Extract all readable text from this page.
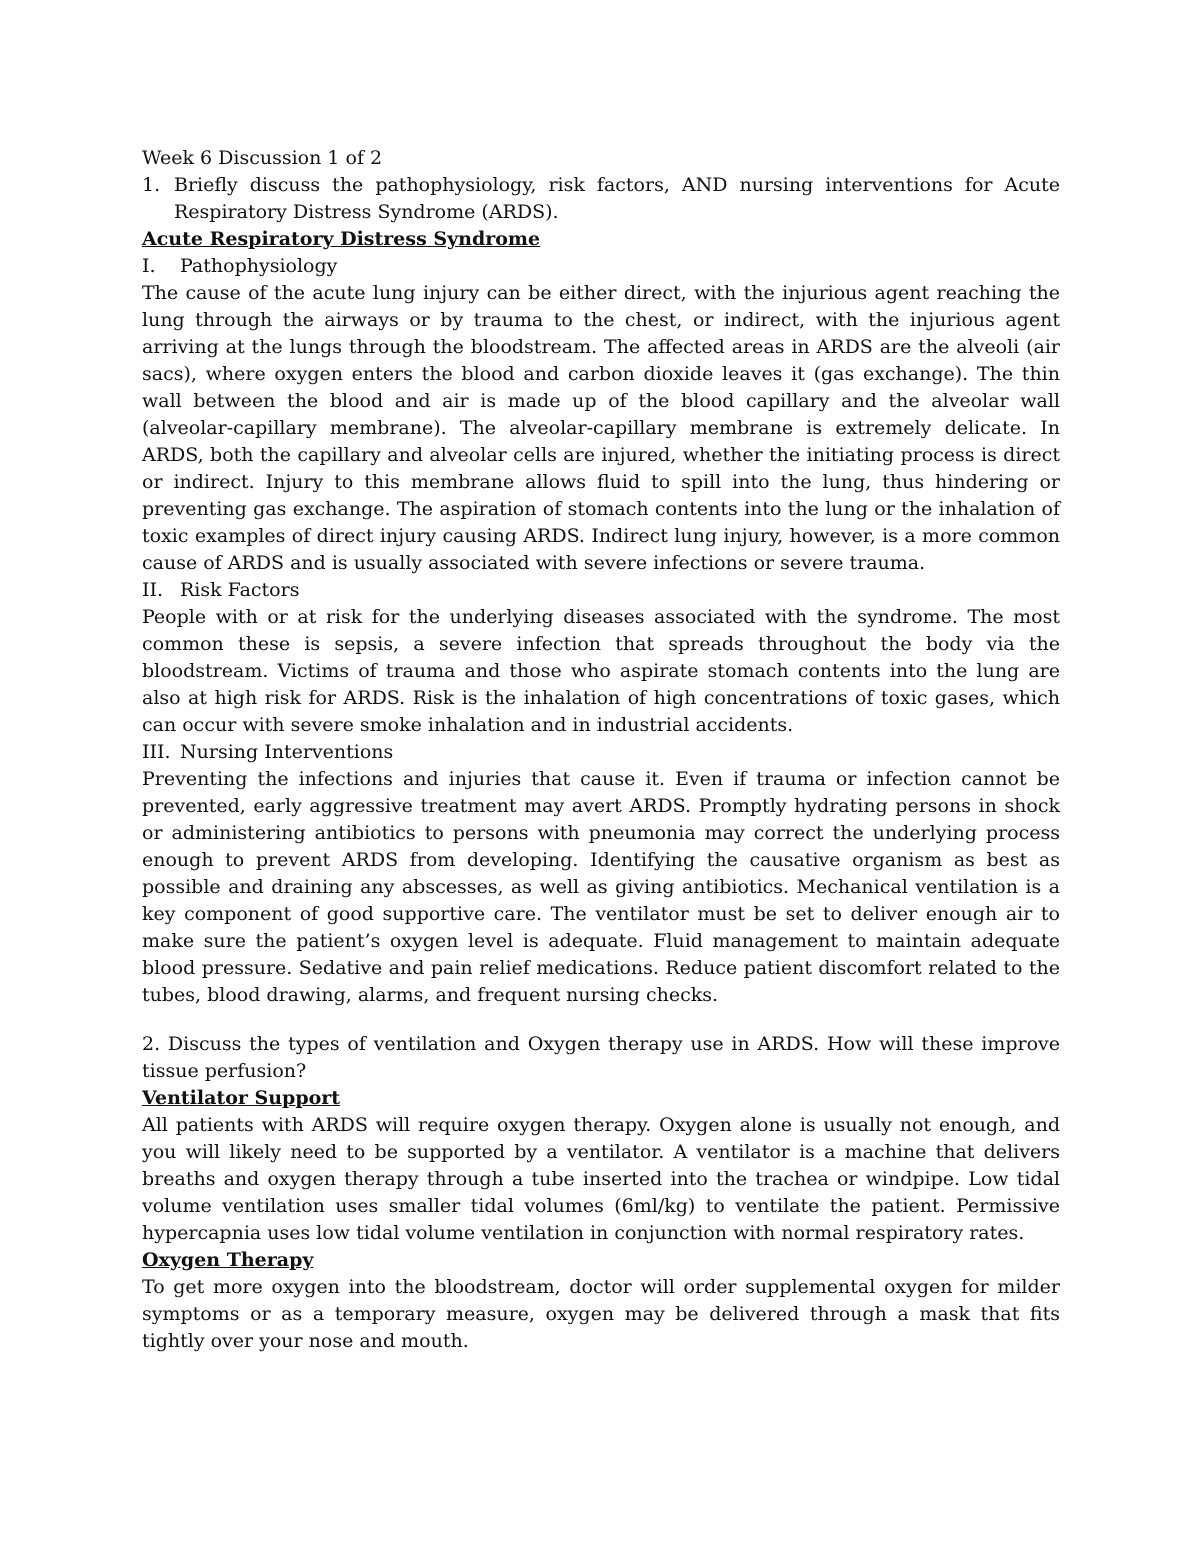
Week 6 Discussion 1 of 2

1. Briefly discuss the pathophysiology, risk factors, AND nursing interventions for Acute Respiratory Distress Syndrome (ARDS).

Acute Respiratory Distress Syndrome

I.	Pathophysiology

The cause of the acute lung injury can be either direct, with the injurious agent reaching the lung through the airways or by trauma to the chest, or indirect, with the injurious agent arriving at the lungs through the bloodstream. The affected areas in ARDS are the alveoli (air sacs), where oxygen enters the blood and carbon dioxide leaves it (gas exchange). The thin wall between the blood and air is made up of the blood capillary and the alveolar wall (alveolar-capillary membrane). The alveolar-capillary membrane is extremely delicate. In ARDS, both the capillary and alveolar cells are injured, whether the initiating process is direct or indirect. Injury to this membrane allows fluid to spill into the lung, thus hindering or preventing gas exchange. The aspiration of stomach contents into the lung or the inhalation of toxic examples of direct injury causing ARDS. Indirect lung injury, however, is a more common cause of ARDS and is usually associated with severe infections or severe trauma.

II. Risk Factors

People with or at risk for the underlying diseases associated with the syndrome. The most common these is sepsis, a severe infection that spreads throughout the body via the bloodstream. Victims of trauma and those who aspirate stomach contents into the lung are also at high risk for ARDS. Risk is the inhalation of high concentrations of toxic gases, which can occur with severe smoke inhalation and in industrial accidents.

III. Nursing Interventions

Preventing the infections and injuries that cause it. Even if trauma or infection cannot be prevented, early aggressive treatment may avert ARDS. Promptly hydrating persons in shock or administering antibiotics to persons with pneumonia may correct the underlying process enough to prevent ARDS from developing. Identifying the causative organism as best as possible and draining any abscesses, as well as giving antibiotics. Mechanical ventilation is a key component of good supportive care. The ventilator must be set to deliver enough air to make sure the patient’s oxygen level is adequate. Fluid management to maintain adequate blood pressure. Sedative and pain relief medications. Reduce patient discomfort related to the tubes, blood drawing, alarms, and frequent nursing checks.

2. Discuss the types of ventilation and Oxygen therapy use in ARDS. How will these improve tissue perfusion?

Ventilator Support

All patients with ARDS will require oxygen therapy. Oxygen alone is usually not enough, and you will likely need to be supported by a ventilator. A ventilator is a machine that delivers breaths and oxygen therapy through a tube inserted into the trachea or windpipe. Low tidal volume ventilation uses smaller tidal volumes (6ml/kg) to ventilate the patient. Permissive hypercapnia uses low tidal volume ventilation in conjunction with normal respiratory rates.

Oxygen Therapy

To get more oxygen into the bloodstream, doctor will order supplemental oxygen for milder symptoms or as a temporary measure, oxygen may be delivered through a mask that fits tightly over your nose and mouth.
